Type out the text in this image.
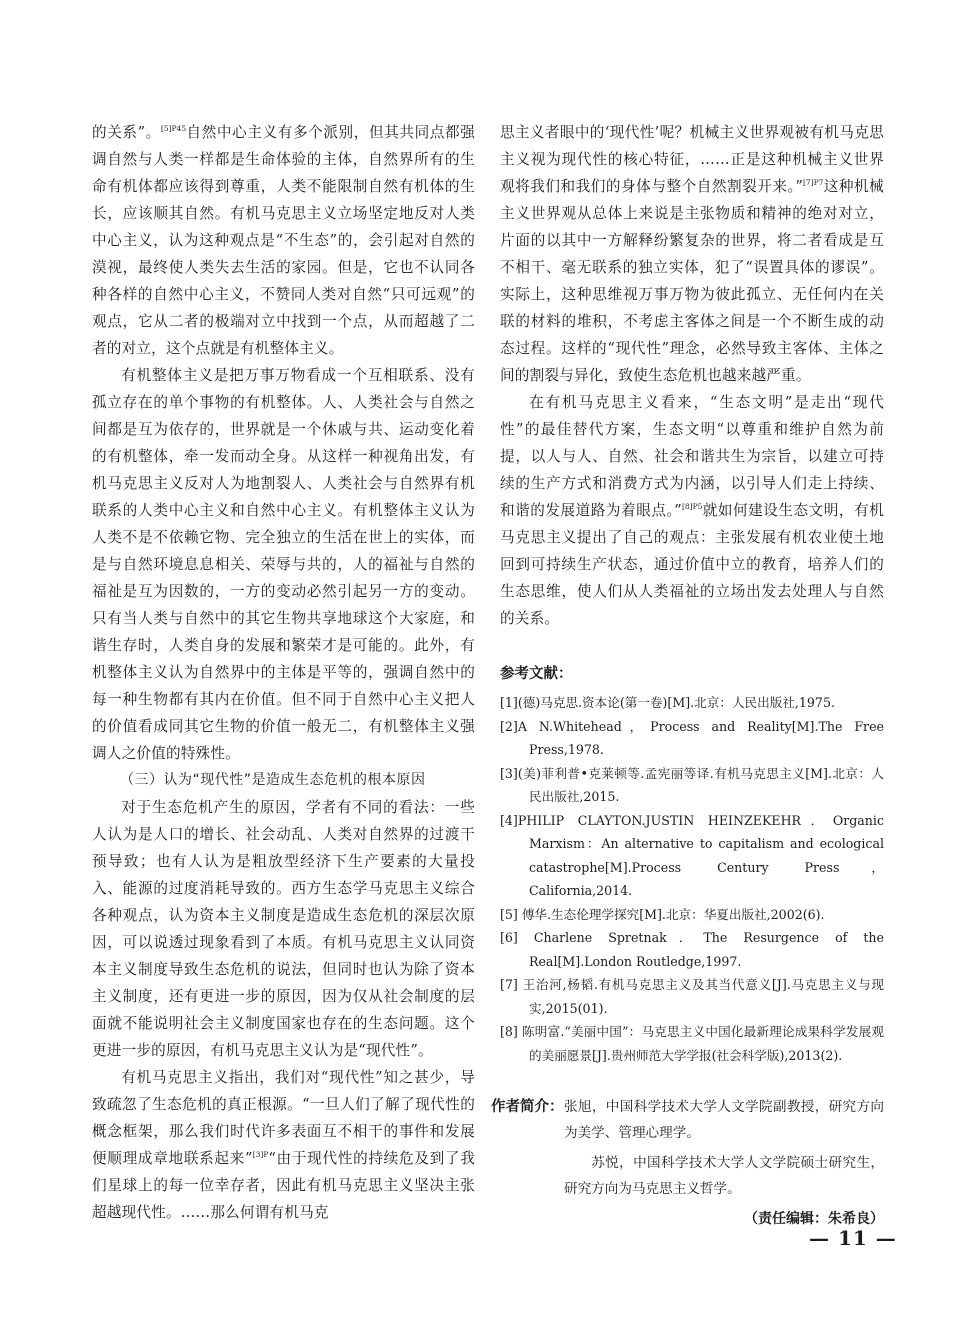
的关系”。$^{[5]P45}$自然中心主义有多个派别，但其共同点都强调自然与人类一样都是生命体验的主体，自然界所有的生命有机体都应该得到尊重，人类不能限制自然有机体的生长，应该顺其自然。有机马克思主义立场坚定地反对人类中心主义，认为这种观点是“不生态”的，会引起对自然的漠视，最终使人类失去生活的家园。但是，它也不认同各种各样的自然中心主义，不赞同人类对自然“只可远观”的观点，它从二者的极端对立中找到一个点，从而超越了二者的对立，这个点就是有机整体主义。

有机整体主义是把万事万物看成一个互相联系、没有孤立存在的单个事物的有机整体。人、人类社会与自然之间都是互为依存的，世界就是一个休戚与共、运动变化着的有机整体，牵一发而动全身。从这样一种视角出发，有机马克思主义反对人为地割裂人、人类社会与自然界有机联系的人类中心主义和自然中心主义。有机整体主义认为人类不是不依赖它物、完全独立的生活在世上的实体，而是与自然环境息息相关、荣辱与共的，人的福祉与自然的福祉是互为因数的，一方的变动必然引起另一方的变动。只有当人类与自然中的其它生物共享地球这个大家庭，和谐生存时，人类自身的发展和繁荣才是可能的。此外，有机整体主义认为自然界中的主体是平等的，强调自然中的每一种生物都有其内在价值。但不同于自然中心主义把人的价值看成同其它生物的价值一般无二，有机整体主义强调人之价值的特殊性。

（三）认为“现代性”是造成生态危机的根本原因

对于生态危机产生的原因，学者有不同的看法：一些人认为是人口的增长、社会动乱、人类对自然界的过渡干预导致；也有人认为是粗放型经济下生产要素的大量投入、能源的过度消耗导致的。西方生态学马克思主义综合各种观点，认为资本主义制度是造成生态危机的深层次原因，可以说透过现象看到了本质。有机马克思主义认同资本主义制度导致生态危机的说法，但同时也认为除了资本主义制度，还有更进一步的原因，因为仅从社会制度的层面就不能说明社会主义制度国家也存在的生态问题。这个更进一步的原因，有机马克思主义认为是“现代性”。

有机马克思主义指出，我们对“现代性”知之甚少，导致疏忽了生态危机的真正根源。“一旦人们了解了现代性的概念框架，那么我们时代许多表面互不相干的事件和发展便顺理成章地联系起来”$^{[3]P}$“由于现代性的持续危及到了我们星球上的每一位幸存者，因此有机马克思主义坚决主张超越现代性。……那么何谓有机马克

思主义者眼中的‘现代性’呢？机械主义世界观被有机马克思主义视为现代性的核心特征，……正是这种机械主义世界观将我们和我们的身体与整个自然割裂开来。”$^{[7]P7}$这种机械主义世界观从总体上来说是主张物质和精神的绝对对立，片面的以其中一方解释纷繁复杂的世界，将二者看成是互不相干、毫无联系的独立实体，犯了“误置具体的谬误”。实际上，这种思维视万事万物为彼此孤立、无任何内在关联的材料的堆积，不考虑主客体之间是一个不断生成的动态过程。这样的“现代性”理念，必然导致主客体、主体之间的割裂与异化，致使生态危机也越来越严重。

在有机马克思主义看来，“生态文明”是走出“现代性”的最佳替代方案，生态文明“以尊重和维护自然为前提，以人与人、自然、社会和谐共生为宗旨，以建立可持续的生产方式和消费方式为内涵，以引导人们走上持续、和谐的发展道路为着眼点。”$^{[8]P5}$就如何建设生态文明，有机马克思主义提出了自己的观点：主张发展有机农业使土地回到可持续生产状态，通过价值中立的教育，培养人们的生态思维，使人们从人类福祉的立场出发去处理人与自然的关系。

参考文献：
[1](德)马克思.资本论(第一卷)[M].北京：人民出版社,1975.
[2]A N.Whitehead，Process and Reality[M].The Free Press,1978.
[3](美)菲利普•克莱顿等.孟宪丽等译.有机马克思主义[M].北京：人民出版社,2015.
[4]PHILIP CLAYTON.JUSTIN HEINZEKEHR．Organic Marxism：An alternative to capitalism and ecological catastrophe[M].Process Century Press，California,2014.
[5] 傅华.生态伦理学探究[M].北京：华夏出版社,2002(6).
[6] Charlene Spretnak．The Resurgence of the Real[M].London Routledge,1997.
[7] 王治河,杨韬.有机马克思主义及其当代意义[J].马克思主义与现实,2015(01).
[8] 陈明富.“美丽中国”：马克思主义中国化最新理论成果科学发展观的美丽愿景[J].贵州师范大学学报(社会科学版),2013(2).
作者简介： 张旭，中国科学技术大学人文学院副教授，研究方向为美学、管理心理学。

苏悦，中国科学技术大学人文学院硕士研究生，研究方向为马克思主义哲学。

（责任编辑：朱希良）
— 11 —
